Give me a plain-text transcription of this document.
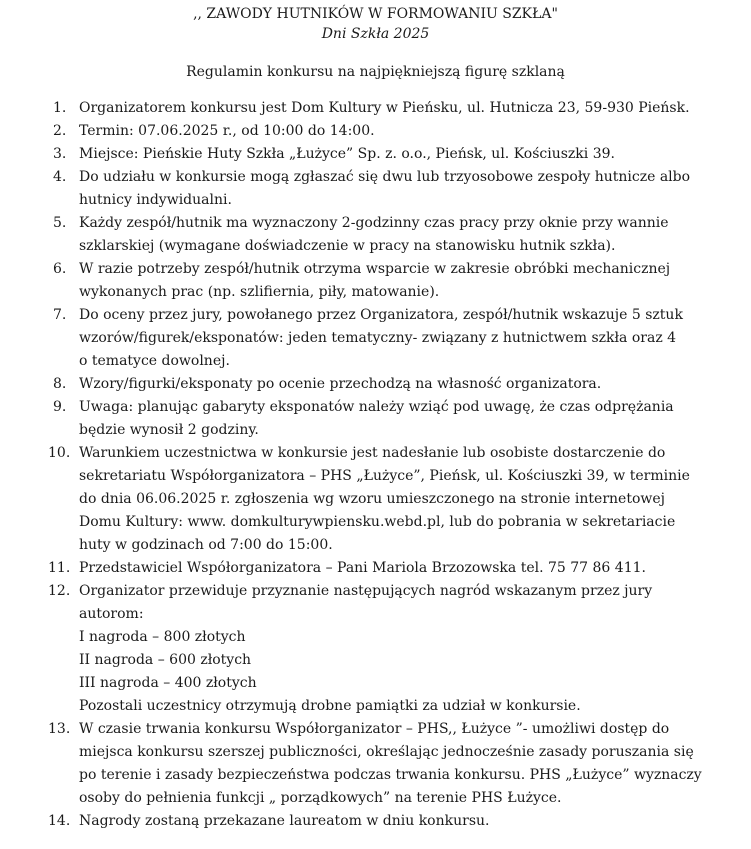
,, ZAWODY HUTNIKÓW W FORMOWANIU SZKŁA"
Dni Szkła 2025
Regulamin konkursu na najpiękniejszą figurę szklaną
1. Organizatorem konkursu jest Dom Kultury w Pieńsku, ul. Hutnicza 23, 59-930 Pieńsk.
2. Termin: 07.06.2025 r., od 10:00 do 14:00.
3. Miejsce: Pieńskie Huty Szkła „Łużyce” Sp. z. o.o., Pieńsk, ul. Kościuszki 39.
4. Do udziału w konkursie mogą zgłaszać się dwu lub trzyosobowe zespoły hutnicze albo
hutnicy indywidualni.
5. Każdy zespół/hutnik ma wyznaczony 2-godzinny czas pracy przy oknie przy wannie
szklarskiej (wymagane doświadczenie w pracy na stanowisku hutnik szkła).
6. W razie potrzeby zespół/hutnik otrzyma wsparcie w zakresie obróbki mechanicznej
wykonanych prac (np. szlifiernia, piły, matowanie).
7. Do oceny przez jury, powołanego przez Organizatora, zespół/hutnik wskazuje 5 sztuk
wzorów/figurek/eksponatów: jeden tematyczny- związany z hutnictwem szkła oraz 4
o tematyce dowolnej.
8. Wzory/figurki/eksponaty po ocenie przechodzą na własność organizatora.
9. Uwaga: planując gabaryty eksponatów należy wziąć pod uwagę, że czas odprężania
będzie wynosił 2 godziny.
10. Warunkiem uczestnictwa w konkursie jest nadesłanie lub osobiste dostarczenie do
sekretariatu Współorganizatora – PHS „Łużyce”, Pieńsk, ul. Kościuszki 39, w terminie
do dnia 06.06.2025 r. zgłoszenia wg wzoru umieszczonego na stronie internetowej
Domu Kultury: www. domkulturywpiensku.webd.pl, lub do pobrania w sekretariacie
huty w godzinach od 7:00 do 15:00.
11. Przedstawiciel Współorganizatora – Pani Mariola Brzozowska tel. 75 77 86 411.
12. Organizator przewiduje przyznanie następujących nagród wskazanym przez jury
autorom:
I nagroda – 800 złotych
II nagroda – 600 złotych
III nagroda – 400 złotych
Pozostali uczestnicy otrzymują drobne pamiątki za udział w konkursie.
13. W czasie trwania konkursu Współorganizator – PHS,, Łużyce ”- umożliwi dostęp do
miejsca konkursu szerszej publiczności, określając jednocześnie zasady poruszania się
po terenie i zasady bezpieczeństwa podczas trwania konkursu. PHS „Łużyce” wyznaczy
osoby do pełnienia funkcji „ porządkowych” na terenie PHS Łużyce.
14. Nagrody zostaną przekazane laureatom w dniu konkursu.
